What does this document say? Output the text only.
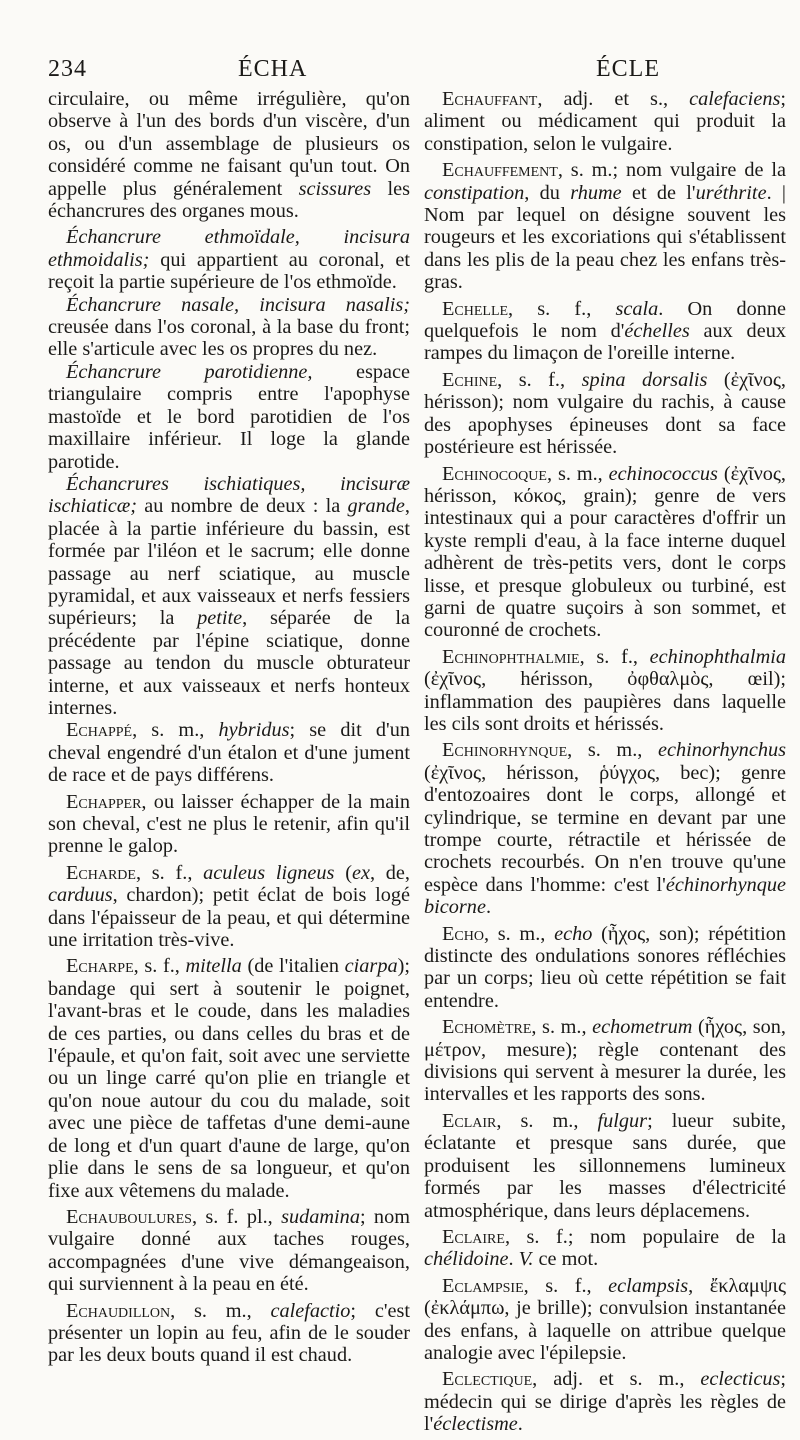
234	ÉCHA	ÉCLE

circulaire, ou même irrégulière, qu'on observe à l'un des bords d'un viscère, d'un os, ou d'un assemblage de plusieurs os considéré comme ne faisant qu'un tout. On appelle plus généralement scissures les échancrures des organes mous.

Échancrure ethmoïdale, incisura ethmoidalis; qui appartient au coronal, et reçoit la partie supérieure de l'os ethmoïde.

Échancrure nasale, incisura nasalis; creusée dans l'os coronal, à la base du front; elle s'articule avec les os propres du nez.

Échancrure parotidienne, espace triangulaire compris entre l'apophyse mastoïde et le bord parotidien de l'os maxillaire inférieur. Il loge la glande parotide.

Échancrures ischiatiques, incisuræ ischiaticæ; au nombre de deux : la grande, placée à la partie inférieure du bassin, est formée par l'iléon et le sacrum; elle donne passage au nerf sciatique, au muscle pyramidal, et aux vaisseaux et nerfs fessiers supérieurs; la petite, séparée de la précédente par l'épine sciatique, donne passage au tendon du muscle obturateur interne, et aux vaisseaux et nerfs honteux internes.

Echappé, s. m., hybridus; se dit d'un cheval engendré d'un étalon et d'une jument de race et de pays différens.

Echapper, ou laisser échapper de la main son cheval, c'est ne plus le retenir, afin qu'il prenne le galop.

Echarde, s. f., aculeus ligneus (ex, de, carduus, chardon); petit éclat de bois logé dans l'épaisseur de la peau, et qui détermine une irritation très-vive.

Echarpe, s. f., mitella (de l'italien ciarpa); bandage qui sert à soutenir le poignet, l'avant-bras et le coude, dans les maladies de ces parties, ou dans celles du bras et de l'épaule, et qu'on fait, soit avec une serviette ou un linge carré qu'on plie en triangle et qu'on noue autour du cou du malade, soit avec une pièce de taffetas d'une demi-aune de long et d'un quart d'aune de large, qu'on plie dans le sens de sa longueur, et qu'on fixe aux vêtemens du malade.

Echauboulures, s. f. pl., sudamina; nom vulgaire donné aux taches rouges, accompagnées d'une vive démangeaison, qui surviennent à la peau en été.

Echaudillon, s. m., calefactio; c'est présenter un lopin au feu, afin de le souder par les deux bouts quand il est chaud.

Echauffant, adj. et s., calefaciens; aliment ou médicament qui produit la constipation, selon le vulgaire.

Echauffement, s. m.; nom vulgaire de la constipation, du rhume et de l'uréthrite. | Nom par lequel on désigne souvent les rougeurs et les excoriations qui s'établissent dans les plis de la peau chez les enfans très-gras.

Echelle, s. f., scala. On donne quelquefois le nom d'échelles aux deux rampes du limaçon de l'oreille interne.

Echine, s. f., spina dorsalis (ἐχῖνος, hérisson); nom vulgaire du rachis, à cause des apophyses épineuses dont sa face postérieure est hérissée.

Echinocoque, s. m., echinococcus (ἐχῖνος, hérisson, κόκος, grain); genre de vers intestinaux qui a pour caractères d'offrir un kyste rempli d'eau, à la face interne duquel adhèrent de très-petits vers, dont le corps lisse, et presque globuleux ou turbiné, est garni de quatre suçoirs à son sommet, et couronné de crochets.

Echinophthalmie, s. f., echinophthalmia (ἐχῖνος, hérisson, ὀφθαλμὸς, œil); inflammation des paupières dans laquelle les cils sont droits et hérissés.

Echinorhynque, s. m., echinorhynchus (ἐχῖνος, hérisson, ῥύγχος, bec); genre d'entozoaires dont le corps, allongé et cylindrique, se termine en devant par une trompe courte, rétractile et hérissée de crochets recourbés. On n'en trouve qu'une espèce dans l'homme: c'est l'échinorhynque bicorne.

Echo, s. m., echo (ἦχος, son); répétition distincte des ondulations sonores réfléchies par un corps; lieu où cette répétition se fait entendre.

Echomètre, s. m., echometrum (ἦχος, son, μέτρον, mesure); règle contenant des divisions qui servent à mesurer la durée, les intervalles et les rapports des sons.

Eclair, s. m., fulgur; lueur subite, éclatante et presque sans durée, que produisent les sillonnemens lumineux formés par les masses d'électricité atmosphérique, dans leurs déplacemens.

Eclaire, s. f.; nom populaire de la chélidoine. V. ce mot.

Eclampsie, s. f., eclampsis, ἔκλαμψις (ἐκλάμπω, je brille); convulsion instantanée des enfans, à laquelle on attribue quelque analogie avec l'épilepsie.

Eclectique, adj. et s. m., eclecticus; médecin qui se dirige d'après les règles de l'éclectisme.
